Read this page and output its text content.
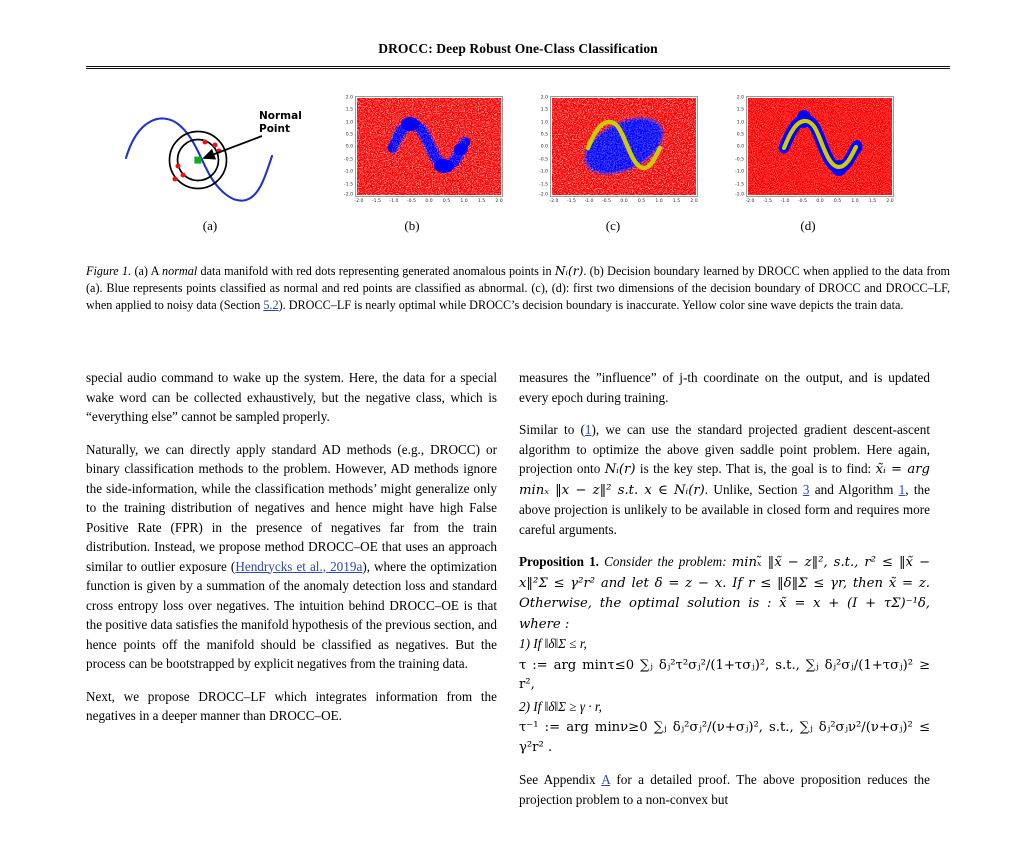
DROCC: Deep Robust One-Class Classification
Normal
Point
2.0
1.5
1.0
0.5
0.0
-0.5
-1.0
-1.5
-2.0
-2.0 -1.5 -1.0 -0.5 0.0 0.5 1.0 1.5 2.0
2.0
1.5
1.0
0.5
0.0
-0.5
-1.0
-1.5
-2.0
-2.0 -1.5 -1.0 -0.5 0.0 0.5 1.0 1.5 2.0
2.0
1.5
1.0
0.5
0.0
-0.5
-1.0
-1.5
-2.0
-2.0 -1.5 -1.0 -0.5 0.0 0.5 1.0 1.5 2.0
(a)	(b)	(c)	(d)
Figure 1. (a) A normal data manifold with red dots representing generated anomalous points in Nᵢ(r). (b) Decision boundary learned by DROCC when applied to the data from (a). Blue represents points classified as normal and red points are classified as abnormal. (c), (d): first two dimensions of the decision boundary of DROCC and DROCC–LF, when applied to noisy data (Section 5.2). DROCC–LF is nearly optimal while DROCC’s decision boundary is inaccurate. Yellow color sine wave depicts the train data.

special audio command to wake up the system. Here, the data for a special wake word can be collected exhaustively, but the negative class, which is “everything else” cannot be sampled properly.

Naturally, we can directly apply standard AD methods (e.g., DROCC) or binary classification methods to the problem. However, AD methods ignore the side-information, while the classification methods’ might generalize only to the training distribution of negatives and hence might have high False Positive Rate (FPR) in the presence of negatives far from the train distribution. Instead, we propose method DROCC–OE that uses an approach similar to outlier exposure (Hendrycks et al., 2019a), where the optimization function is given by a summation of the anomaly detection loss and standard cross entropy loss over negatives. The intuition behind DROCC–OE is that the positive data satisfies the manifold hypothesis of the previous section, and hence points off the manifold should be classified as negatives. But the process can be bootstrapped by explicit negatives from the training data.

Next, we propose DROCC–LF which integrates information from the negatives in a deeper manner than DROCC–OE.

measures the ”influence” of j-th coordinate on the output, and is updated every epoch during training.

Similar to (1), we can use the standard projected gradient descent-ascent algorithm to optimize the above given saddle point problem. Here again, projection onto Nᵢ(r) is the key step. That is, the goal is to find: x̃ᵢ = arg minₓ ‖x − z‖² s.t. x ∈ Nᵢ(r). Unlike, Section 3 and Algorithm 1, the above projection is unlikely to be available in closed form and requires more careful arguments.

Proposition 1. Consider the problem: minₓ̃ ‖x̃ − z‖², s.t., r² ≤ ‖x̃ − x‖²Σ ≤ γ²r² and let δ = z − x. If r ≤ ‖δ‖Σ ≤ γr, then x̃ = z. Otherwise, the optimal solution is : x̃ = x + (I + τΣ)⁻¹δ, where :
1) If ‖δ‖Σ ≤ r,
τ := arg minτ≤0 ∑ⱼ δⱼ²τ²σⱼ²/(1+τσⱼ)², s.t., ∑ⱼ δⱼ²σⱼ/(1+τσⱼ)² ≥ r²,
2) If ‖δ‖Σ ≥ γ · r,
τ⁻¹ := arg minν≥0 ∑ⱼ δⱼ²σⱼ²/(ν+σⱼ)², s.t., ∑ⱼ δⱼ²σⱼν²/(ν+σⱼ)² ≤ γ²r² .

See Appendix A for a detailed proof. The above proposition reduces the projection problem to a non-convex but
